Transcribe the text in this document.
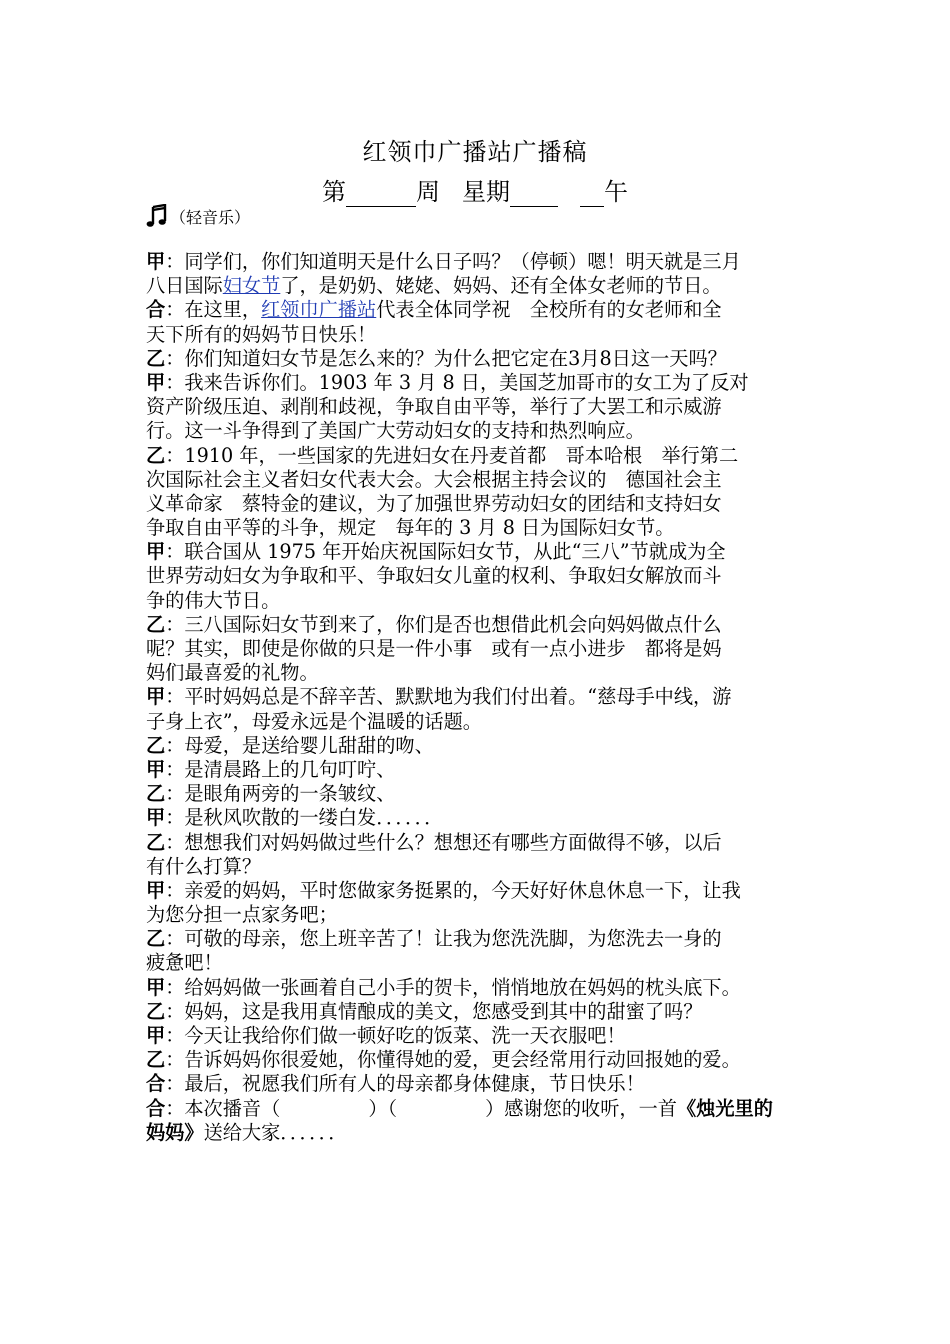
红领巾广播站广播稿
第	周 星期	午
（轻音乐）
甲：同学们，你们知道明天是什么日子吗？（停顿）嗯！明天就是三月
八日国际妇女节了，是奶奶、姥姥、妈妈、还有全体女老师的节日。
合：在这里，红领巾广播站代表全体同学祝　全校所有的女老师和全
天下所有的妈妈节日快乐！
乙：你们知道妇女节是怎么来的？为什么把它定在3月8日这一天吗？
甲：我来告诉你们。1903 年 3 月 8 日，美国芝加哥市的女工为了反对
资产阶级压迫、剥削和歧视，争取自由平等，举行了大罢工和示威游
行。这一斗争得到了美国广大劳动妇女的支持和热烈响应。
乙：1910 年，一些国家的先进妇女在丹麦首都　哥本哈根　举行第二
次国际社会主义者妇女代表大会。大会根据主持会议的　德国社会主
义革命家　蔡特金的建议，为了加强世界劳动妇女的团结和支持妇女
争取自由平等的斗争，规定　每年的 3 月 8 日为国际妇女节。
甲：联合国从 1975 年开始庆祝国际妇女节，从此“三八”节就成为全
世界劳动妇女为争取和平、争取妇女儿童的权利、争取妇女解放而斗
争的伟大节日。
乙：三八国际妇女节到来了，你们是否也想借此机会向妈妈做点什么
呢？其实，即使是你做的只是一件小事　或有一点小进步　都将是妈
妈们最喜爱的礼物。
甲：平时妈妈总是不辞辛苦、默默地为我们付出着。“慈母手中线，游
子身上衣”，母爱永远是个温暖的话题。
乙：母爱，是送给婴儿甜甜的吻、
甲：是清晨路上的几句叮咛、
乙：是眼角两旁的一条皱纹、
甲：是秋风吹散的一缕白发．．．．．．
乙：想想我们对妈妈做过些什么？想想还有哪些方面做得不够，以后
有什么打算？
甲：亲爱的妈妈，平时您做家务挺累的，今天好好休息休息一下，让我
为您分担一点家务吧；
乙：可敬的母亲，您上班辛苦了！让我为您洗洗脚，为您洗去一身的
疲惫吧！
甲：给妈妈做一张画着自己小手的贺卡，悄悄地放在妈妈的枕头底下。
乙：妈妈，这是我用真情酿成的美文，您感受到其中的甜蜜了吗？
甲：今天让我给你们做一顿好吃的饭菜、洗一天衣服吧！
乙：告诉妈妈你很爱她，你懂得她的爱，更会经常用行动回报她的爱。
合：最后，祝愿我们所有人的母亲都身体健康，节日快乐！
合：本次播音（	）（	）感谢您的收听，一首《烛光里的
妈妈》送给大家．．．．．．
